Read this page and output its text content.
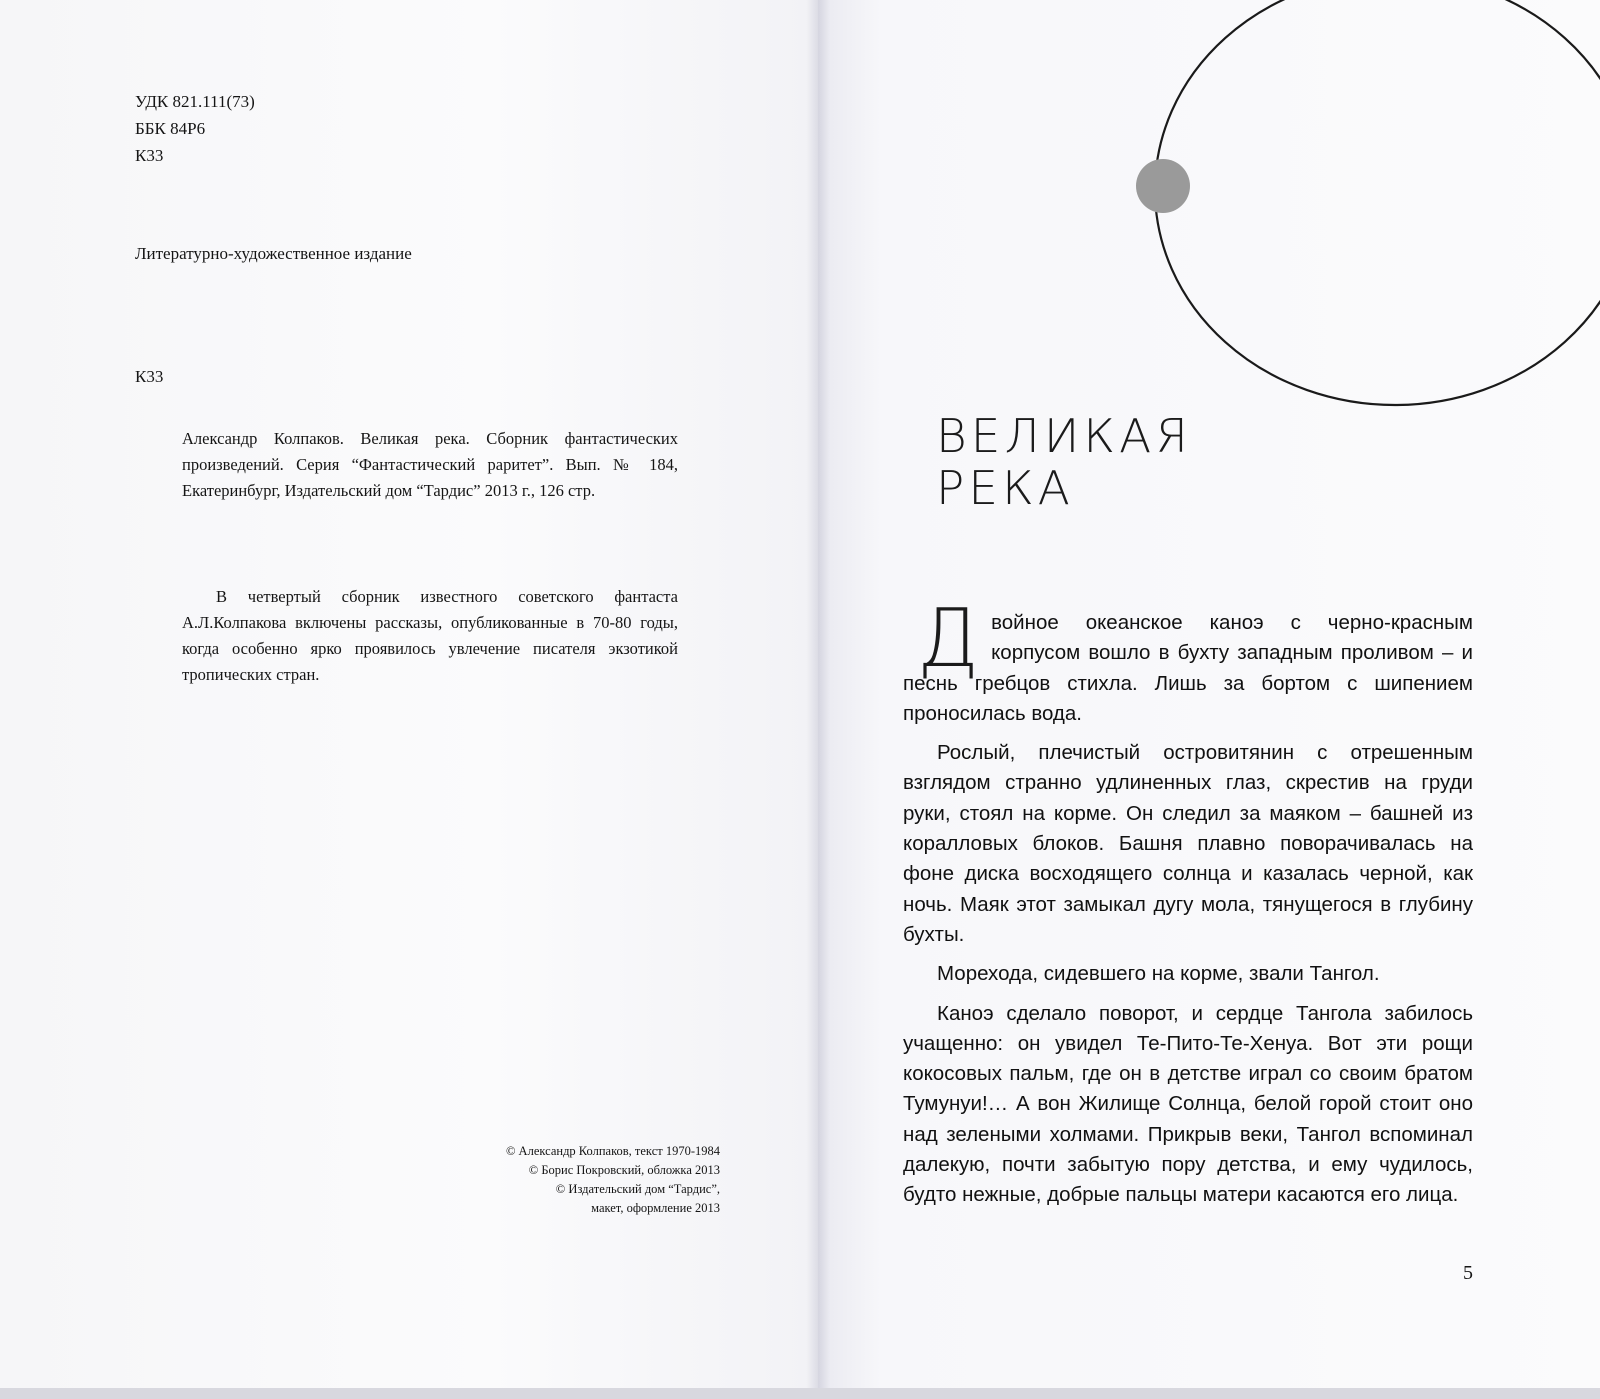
УДК 821.111(73)
ББК 84Р6
К33
Литературно-художественное издание
К33
Александр Колпаков. Великая река. Сборник фантастических произведений. Серия “Фантастический раритет”. Вып. № 184, Екатеринбург, Издательский дом “Тардис” 2013 г., 126 стр.
В четвертый сборник известного советского фантаста А.Л.Колпакова включены рассказы, опубликованные в 70-80 годы, когда особенно ярко проявилось увлечение писателя экзотикой тропических стран.
© Александр Колпаков, текст 1970-1984
© Борис Покровский, обложка 2013
© Издательский дом “Тардис”,
макет, оформление 2013
ВЕЛИКАЯ
РЕКА

Двойное океанское каноэ с черно-красным корпусом вошло в бухту западным проливом – и песнь гребцов стихла. Лишь за бортом с шипением проносилась вода.

Рослый, плечистый островитянин с отрешенным взглядом странно удлиненных глаз, скрестив на груди руки, стоял на корме. Он следил за маяком – башней из коралловых блоков. Башня плавно поворачивалась на фоне диска восходящего солнца и казалась черной, как ночь. Маяк этот замыкал дугу мола, тянущегося в глубину бухты.

Морехода, сидевшего на корме, звали Тангол.

Каноэ сделало поворот, и сердце Тангола забилось учащенно: он увидел Те-Пито-Те-Хенуа. Вот эти рощи кокосовых пальм, где он в детстве играл со своим братом Тумунуи!… А вон Жилище Солнца, белой горой стоит оно над зелеными холмами. Прикрыв веки, Тангол вспоминал далекую, почти забытую пору детства, и ему чудилось, будто нежные, добрые пальцы матери касаются его лица.

5
